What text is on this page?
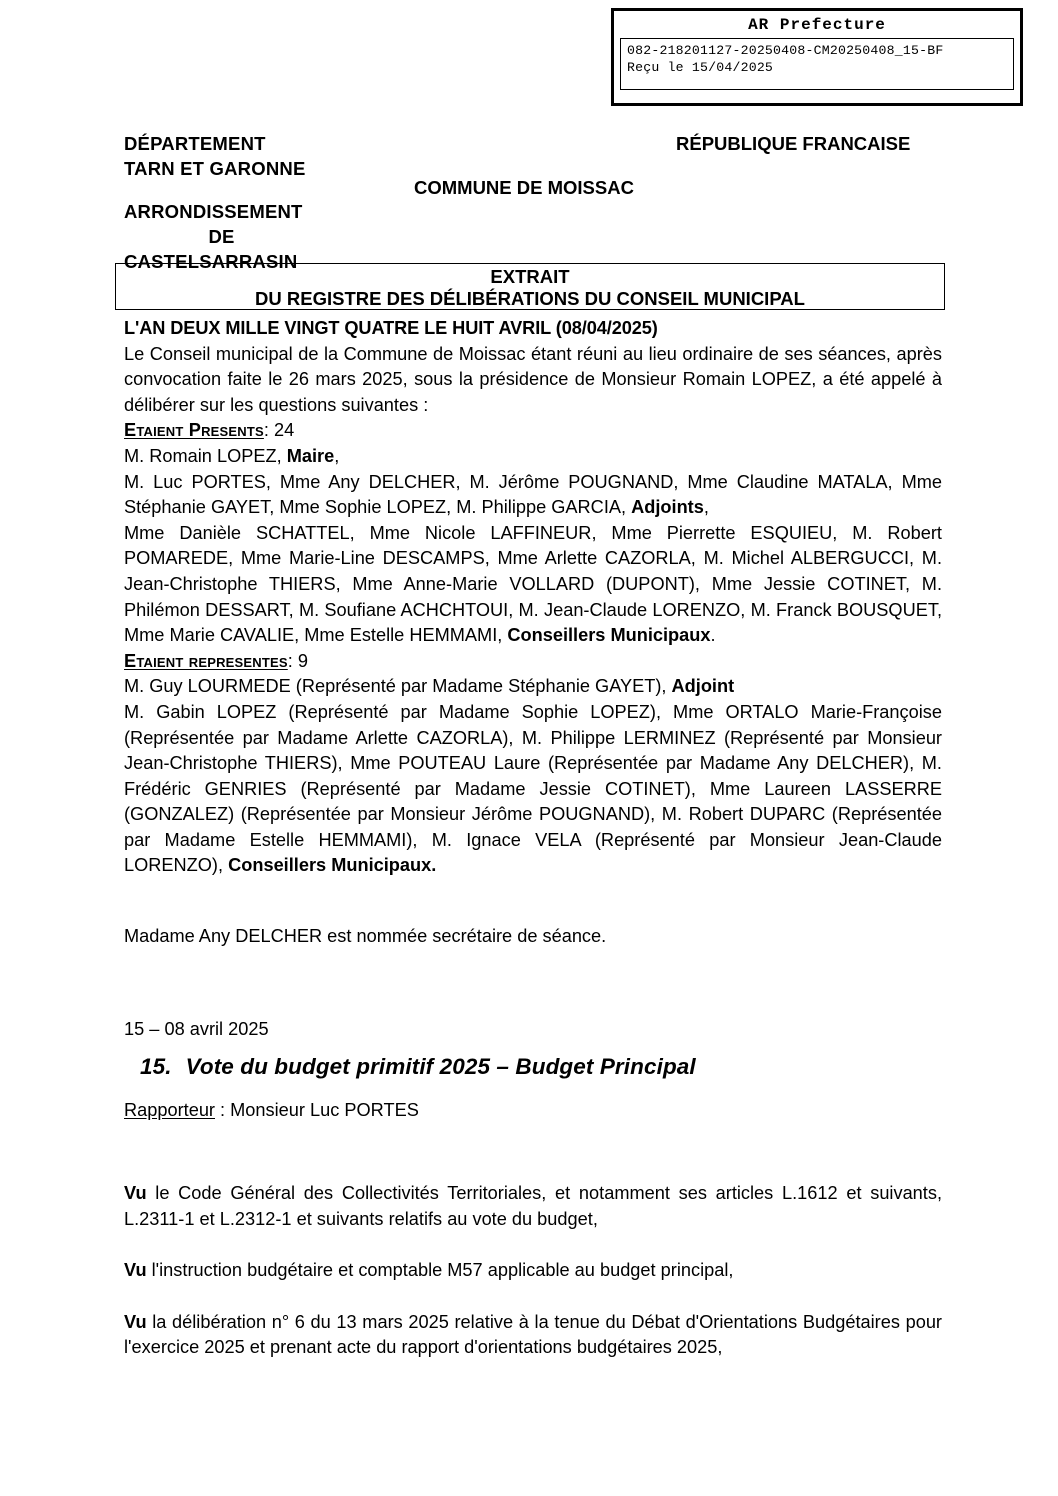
AR Prefecture
082-218201127-20250408-CM20250408_15-BF
Reçu le 15/04/2025
DÉPARTEMENT
TARN ET GARONNE
ARRONDISSEMENT
DE
CASTELSARRASIN
RÉPUBLIQUE FRANCAISE
COMMUNE DE MOISSAC
EXTRAIT
DU REGISTRE DES DÉLIBÉRATIONS DU CONSEIL MUNICIPAL

L'AN DEUX MILLE VINGT QUATRE LE HUIT AVRIL (08/04/2025)

Le Conseil municipal de la Commune de Moissac étant réuni au lieu ordinaire de ses séances, après convocation faite le 26 mars 2025, sous la présidence de Monsieur Romain LOPEZ, a été appelé à délibérer sur les questions suivantes :

Etaient Presents: 24

M. Romain LOPEZ, Maire,

M. Luc PORTES, Mme Any DELCHER, M. Jérôme POUGNAND, Mme Claudine MATALA, Mme Stéphanie GAYET, Mme Sophie LOPEZ, M. Philippe GARCIA, Adjoints,

Mme Danièle SCHATTEL, Mme Nicole LAFFINEUR, Mme Pierrette ESQUIEU, M. Robert POMAREDE, Mme Marie-Line DESCAMPS, Mme Arlette CAZORLA, M. Michel ALBERGUCCI, M. Jean-Christophe THIERS, Mme Anne-Marie VOLLARD (DUPONT), Mme Jessie COTINET, M. Philémon DESSART, M. Soufiane ACHCHTOUI, M. Jean-Claude LORENZO, M. Franck BOUSQUET, Mme Marie CAVALIE, Mme Estelle HEMMAMI, Conseillers Municipaux.

Etaient representes: 9

M. Guy LOURMEDE (Représenté par Madame Stéphanie GAYET), Adjoint

M. Gabin LOPEZ (Représenté par Madame Sophie LOPEZ), Mme ORTALO Marie-Françoise (Représentée par Madame Arlette CAZORLA), M. Philippe LERMINEZ (Représenté par Monsieur Jean-Christophe THIERS), Mme POUTEAU Laure (Représentée par Madame Any DELCHER), M. Frédéric GENRIES (Représenté par Madame Jessie COTINET), Mme Laureen LASSERRE (GONZALEZ) (Représentée par Monsieur Jérôme POUGNAND), M. Robert DUPARC (Représentée par Madame Estelle HEMMAMI), M. Ignace VELA (Représenté par Monsieur Jean-Claude LORENZO), Conseillers Municipaux.

Madame Any DELCHER est nommée secrétaire de séance.
15 – 08 avril 2025
15. Vote du budget primitif 2025 – Budget Principal
Rapporteur : Monsieur Luc PORTES

Vu le Code Général des Collectivités Territoriales, et notamment ses articles L.1612 et suivants, L.2311-1 et L.2312-1 et suivants relatifs au vote du budget,

Vu l'instruction budgétaire et comptable M57 applicable au budget principal,

Vu la délibération n° 6 du 13 mars 2025 relative à la tenue du Débat d'Orientations Budgétaires pour l'exercice 2025 et prenant acte du rapport d'orientations budgétaires 2025,
